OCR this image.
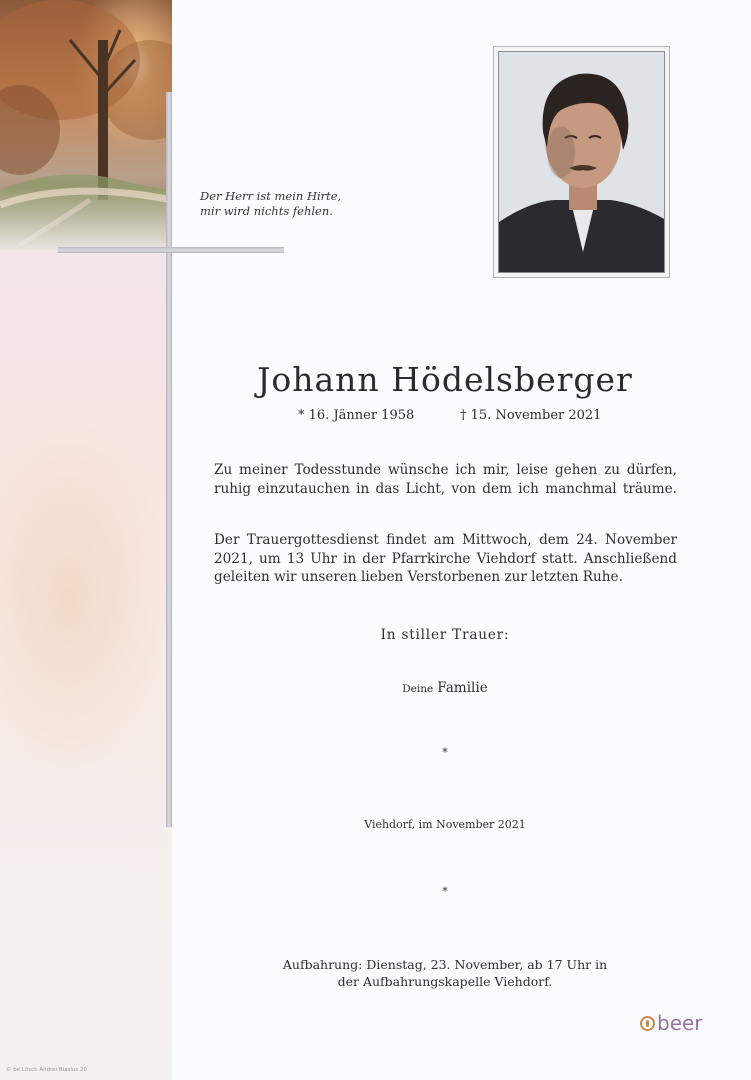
Der Herr ist mein Hirte,
mir wird nichts fehlen.
Johann Hödelsberger
* 16. Jänner 1958	† 15. November 2021
Zu meiner Todesstunde wünsche ich mir, leise gehen zu dürfen,
ruhig einzutauchen in das Licht, von dem ich manchmal träume.
Der Trauergottesdienst findet am Mittwoch, dem 24. November
2021, um 13 Uhr in der Pfarrkirche Viehdorf statt. Anschließend
geleiten wir unseren lieben Verstorbenen zur letzten Ruhe.
In stiller Trauer:
Deine Familie
*
Viehdorf, im November 2021
*
Aufbahrung: Dienstag, 23. November, ab 17 Uhr in
der Aufbahrungskapelle Viehdorf.
beer
© be Lösch Andrei Blasius 20
